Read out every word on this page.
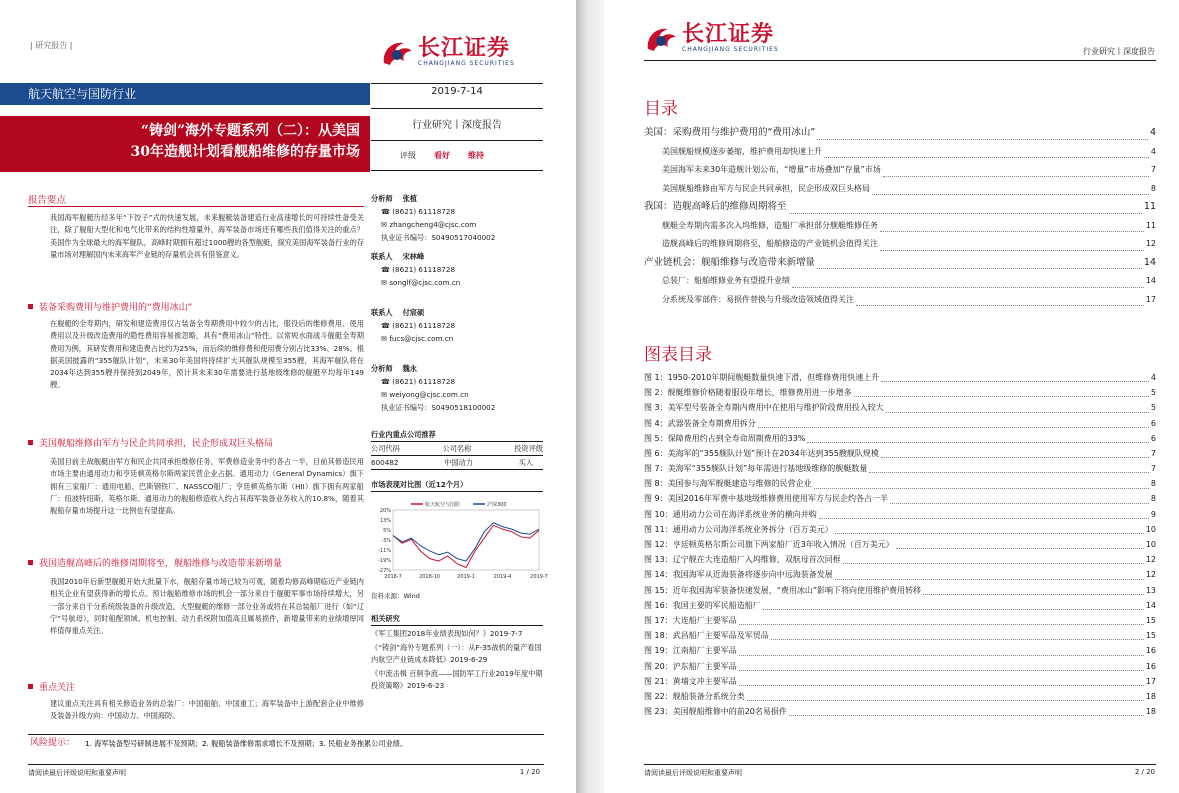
| 研究报告 |	长江证券
CHANGJIANG SECURITIES
航天航空与国防行业
“铸剑”海外专题系列（二）：从美国
30年造舰计划看舰船维修的存量市场
2019-7-14
行业研究丨深度报告
评级 看好 维持
分析师 张植
☎ (8621) 61118728
✉ zhangcheng4@cjsc.com
执业证书编号：S0490517040002
联系人 宋林峰
☎ (8621) 61118728
✉ songlf@cjsc.com.cn
联系人 付宸硕
☎ (8621) 61118728
✉ fucs@cjsc.com.cn
分析师 魏永
☎ (8621) 61118728
✉ weiyong@cjsc.com.cn
执业证书编号：S0490518100002
行业内重点公司推荐
公司代码	公司名称	投资评级
600482	中国动力	买入
市场表现对比图（近12个月）
20%
13%
5%
-3%
-11%
-19%
-27%
2018-7	2018-10	2019-1	2019-4	2019-7
航天航空与国防	沪深300
资料来源：Wind
相关研究
《军工集团2018年业绩表现如何？》2019-7-7
《“铸剑”海外专题系列（一）：从F-35战机的量产看国内航空产业链成本降低》2019-6-29
《中流击楫 百舸争流——国防军工行业2019年度中期投资策略》2019-6-23
报告要点
我国海军舰艇历经多年“下饺子”式的快速发展，未来舰艇装备建造行业高速增长的可持续性备受关注，除了舰船大型化和电气化带来的结构性增量外，海军装备市场还有哪些我们值得关注的重点？美国作为全球最大的海军舰队，高峰时期拥有超过1000艘的各型舰艇，探究美国海军装备行业的存量市场对理解国内未来海军产业链的存量机会具有借鉴意义。
装备采购费用与维护费用的“费用冰山”
在舰艇的全寿期内，研发和建造费用仅占装备全寿期费用中较少的占比，服役后的维修费用、使用费用以及升级改造费用的隐性费用容易被忽略，具有“费用冰山”特性。以常规水面战斗舰艇全寿期费用为例，其研发费用和建造费占比约为25%，而后续的维修费和使用费分别占比33%、28%。根据美国披露的“355舰队计划”，未来30年美国将持续扩大其舰队规模至355艘，其海军舰队将在2034年达到355艘并保持到2049年，预计其未来30年需要进行基地级维修的舰艇平均每年149艘。
美国舰船维修由军方与民企共同承担，民企形成双巨头格局
美国目前主战舰艇由军方和民企共同承担维修任务，军费修造业务中约各占一半，目前其修造民用市场主要由通用动力和亨廷顿英格尔斯两家民营企业占据。通用动力（General Dynamics）旗下拥有三家船厂：通用电船、巴斯钢铁厂、NASSCO船厂；亨廷顿英格尔斯（HII）旗下拥有两家船厂：纽波特纽斯、英格尔斯。通用动力的舰船修造收入约占其海军装备业务收入的10.8%，随着其舰船存量市场提升这一比例也有望提高。
我国造舰高峰后的维修周期将至，舰船维修与改造带来新增量
我国2010年后新型舰艇开始大批量下水，舰船存量市场已较为可观，随着均修高峰期临近产业链内相关企业有望获得新的增长点。预计舰船维修市场的机会一部分来自于舰艇军事市场持续增大，另一部分来自于分系统级装备的升级改造。大型舰艇的维修一部分业务或将在其总装船厂进行（如“辽宁”号航母），同时船配领域、机电控制、动力系统附加值高且属易损件，新增量带来的业绩增厚同样值得重点关注。
重点关注
建议重点关注具有相关修造业务的总装厂：中国船舶、中国重工；海军装备中上游配套企业中维修及装备升级方向：中国动力、中国海防。
风险提示： 1. 海军装备型号研制进展不及预期；2. 舰船装备维修需求增长不及预期；3. 民船业务拖累公司业绩。
请阅读最后评级说明和重要声明	1 / 20
长江证券
CHANGJIANG SECURITIES	行业研究丨深度报告
目录
美国：采购费用与维护费用的“费用冰山”	4
美国舰船规模逐步萎缩，维护费用却快速上升	4
美国海军未来30年造舰计划公布，“增量”市场叠加“存量”市场	7
美国舰船维修由军方与民企共同承担，民企形成双巨头格局	8
我国：造舰高峰后的维修周期将至	11
舰艇全寿期内需多次入坞维修，造船厂承担部分舰艇维修任务	11
造舰高峰后的维修周期将至，船舶修造的产业链机会值得关注	12
产业链机会：舰船维修与改造带来新增量	14
总装厂：船舶维修业务有望提升业绩	14
分系统及零部件：易损件替换与升级改造领域值得关注	17
图表目录
图 1：1950-2010年期间舰艇数量快速下滑，但维修费用快速上升	4
图 2：舰艇维修价格随着服役年增长，维修费用进一步增多	5
图 3：美军型号装备全寿期内费用中在使用与维护阶段费用投入较大	5
图 4：武器装备全寿期费用拆分	6
图 5：保障费用约占到全寿命周期费用的33%	6
图 6：美海军的“355舰队计划”预计在2034年达到355艘舰队规模	7
图 7：美海军“355舰队计划”每年需进行基地级维修的舰艇数量	7
图 8：美国参与海军舰艇建造与维修的民营企业	8
图 9：美国2016年军费中基地级维修费用使用军方与民企约各占一半	8
图 10：通用动力公司在海洋系统业务的横向并购	9
图 11：通用动力公司海洋系统业务拆分（百万美元）	10
图 12：亨廷顿英格尔斯公司旗下两家船厂近3年收入情况（百万美元）	10
图 13：辽宁舰在大连造船厂入坞维修，双航母首次同框	12
图 14：我国海军从近海装备将逐步向中远海装备发展	12
图 15：近年我国海军装备快速发展，“费用冰山”影响下将向使用维护费用转移	13
图 16：我国主要的军民船造船厂	14
图 17：大连船厂主要军品	15
图 18：武昌船厂主要军品及军贸品	15
图 19：江南船厂主要军品	16
图 20：沪东船厂主要军品	16
图 21：黄埔文冲主要军品	17
图 22：舰船装备分系统分类	18
图 23：美国舰船维修中的前20名易损件	18
请阅读最后评级说明和重要声明	2 / 20
